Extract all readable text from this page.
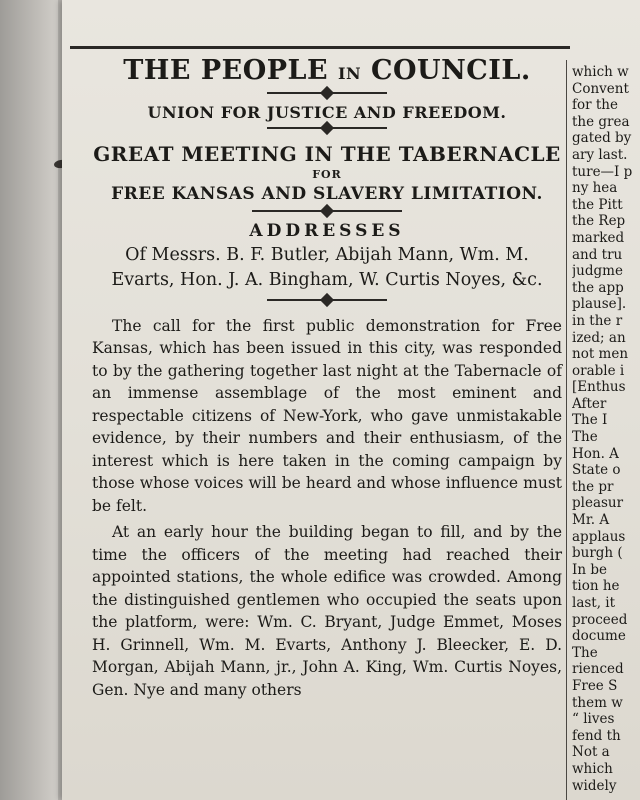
THE PEOPLE IN COUNCIL.
UNION FOR JUSTICE AND FREEDOM.
GREAT MEETING IN THE TABERNACLE
FOR
FREE KANSAS AND SLAVERY LIMITATION.
ADDRESSES
Of Messrs. B. F. Butler, Abijah Mann, Wm. M.
Evarts, Hon. J. A. Bingham, W. Curtis Noyes, &c.

The call for the first public demonstration for Free Kansas, which has been issued in this city, was responded to by the gathering together last night at the Tabernacle of an immense assemblage of the most eminent and respectable citizens of New-York, who gave unmistakable evidence, by their numbers and their enthusiasm, of the interest which is here taken in the coming campaign by those whose voices will be heard and whose influence must be felt.

At an early hour the building began to fill, and by the time the officers of the meeting had reached their appointed stations, the whole edifice was crowded. Among the distinguished gentlemen who occupied the seats upon the platform, were: Wm. C. Bryant, Judge Emmet, Moses H. Grinnell, Wm. M. Evarts, Anthony J. Bleecker, E. D. Morgan, Abijah Mann, jr., John A. King, Wm. Curtis Noyes, Gen. Nye and many others

which w
Convent
for the
the grea
gated by
ary last.
ture—I p
ny hea
the Pitt
the Rep
marked
and tru
judgme
the app
plause].
in the r
ized; an
not men
orable i
[Enthus
After
The I
The
Hon. A
State o
the pr
pleasur
Mr. A
applaus
burgh (
In be
tion he
last, it
proceed
docume
The
rienced
Free S
them w
“ lives
fend th
Not a
which
widely
